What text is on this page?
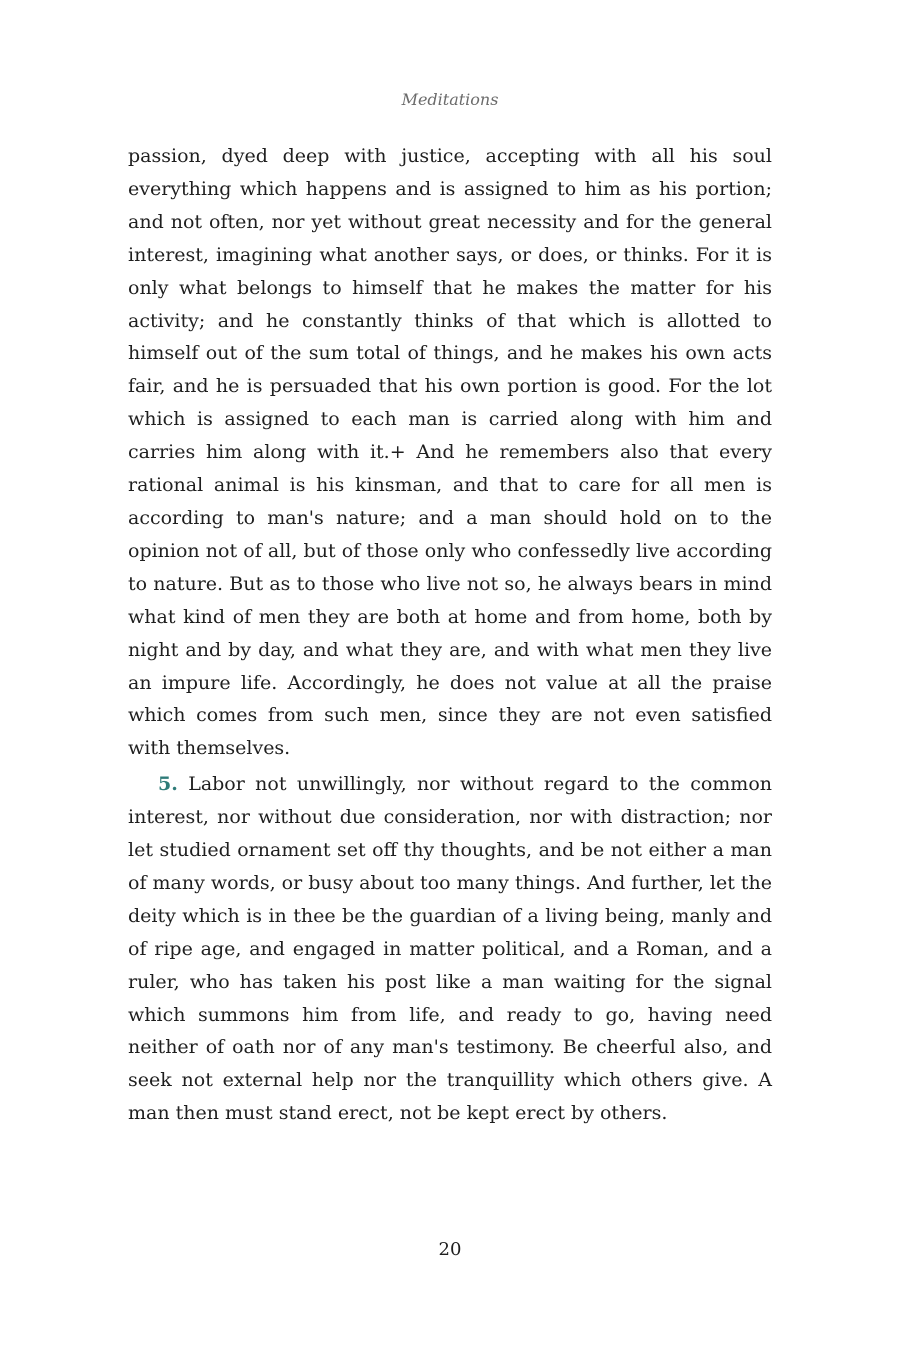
Meditations

passion, dyed deep with justice, accepting with all his soul everything which happens and is assigned to him as his portion; and not often, nor yet without great necessity and for the general interest, imagining what another says, or does, or thinks. For it is only what belongs to himself that he makes the matter for his activity; and he constantly thinks of that which is allotted to himself out of the sum total of things, and he makes his own acts fair, and he is persuaded that his own portion is good. For the lot which is assigned to each man is carried along with him and carries him along with it.+ And he remembers also that every rational animal is his kinsman, and that to care for all men is according to man's nature; and a man should hold on to the opinion not of all, but of those only who confessedly live according to nature. But as to those who live not so, he always bears in mind what kind of men they are both at home and from home, both by night and by day, and what they are, and with what men they live an impure life. Accordingly, he does not value at all the praise which comes from such men, since they are not even satisfied with themselves.

5. Labor not unwillingly, nor without regard to the common interest, nor without due consideration, nor with distraction; nor let studied ornament set off thy thoughts, and be not either a man of many words, or busy about too many things. And further, let the deity which is in thee be the guardian of a living being, manly and of ripe age, and engaged in matter political, and a Roman, and a ruler, who has taken his post like a man waiting for the signal which summons him from life, and ready to go, having need neither of oath nor of any man's testimony. Be cheerful also, and seek not external help nor the tranquillity which others give. A man then must stand erect, not be kept erect by others.

20
